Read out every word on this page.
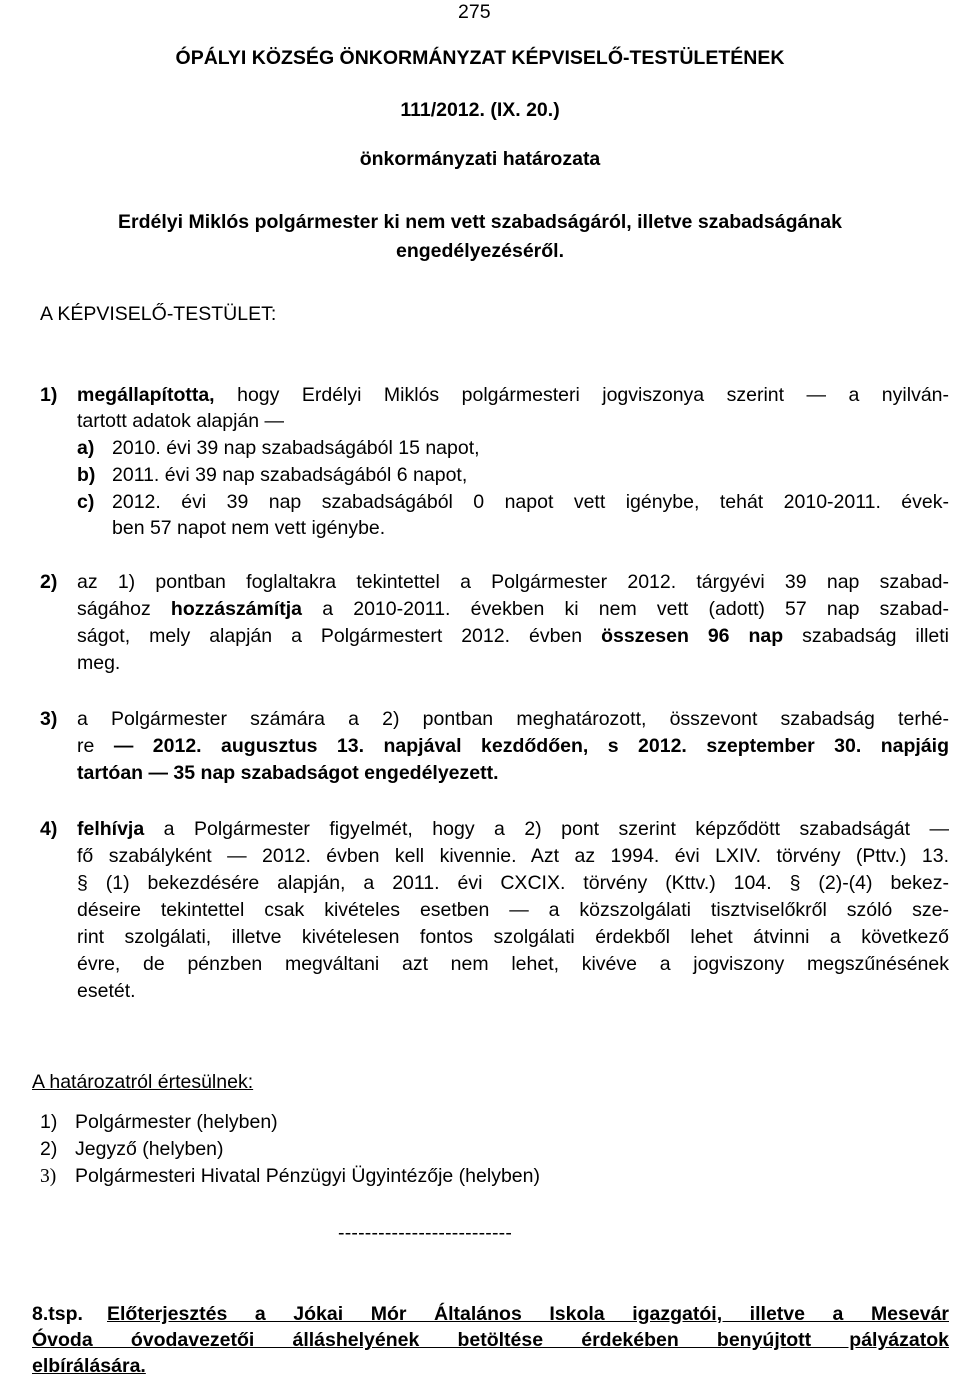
275
ÓPÁLYI KÖZSÉG ÖNKORMÁNYZAT KÉPVISELŐ-TESTÜLETÉNEK
111/2012. (IX. 20.)
önkormányzati határozata
Erdélyi Miklós polgármester ki nem vett szabadságáról, illetve szabadságának
engedélyezéséről.
A KÉPVISELŐ-TESTÜLET:
1) megállapította, hogy Erdélyi Miklós polgármesteri jogviszonya szerint — a nyilván-
tartott adatok alapján —
a) 2010. évi 39 nap szabadságából 15 napot,
b) 2011. évi 39 nap szabadságából 6 napot,
c) 2012. évi 39 nap szabadságából 0 napot vett igénybe, tehát 2010-2011. évek-
ben 57 napot nem vett igénybe.
2) az 1) pontban foglaltakra tekintettel a Polgármester 2012. tárgyévi 39 nap szabad-
ságához hozzászámítja a 2010-2011. években ki nem vett (adott) 57 nap szabad-
ságot, mely alapján a Polgármestert 2012. évben összesen 96 nap szabadság illeti
meg.
3) a Polgármester számára a 2) pontban meghatározott, összevont szabadság terhé-
re — 2012. augusztus 13. napjával kezdődően, s 2012. szeptember 30. napjáig
tartóan — 35 nap szabadságot engedélyezett.
4) felhívja a Polgármester figyelmét, hogy a 2) pont szerint képződött szabadságát —
fő szabályként — 2012. évben kell kivennie. Azt az 1994. évi LXIV. törvény (Pttv.) 13.
§ (1) bekezdésére alapján, a 2011. évi CXCIX. törvény (Kttv.) 104. § (2)-(4) bekez-
déseire tekintettel csak kivételes esetben — a közszolgálati tisztviselőkről szóló sze-
rint szolgálati, illetve kivételesen fontos szolgálati érdekből lehet átvinni a következő
évre, de pénzben megváltani azt nem lehet, kivéve a jogviszony megszűnésének
esetét.
A határozatról értesülnek:
1) Polgármester (helyben)
2) Jegyző (helyben)
3) Polgármesteri Hivatal Pénzügyi Ügyintézője (helyben)
--------------------------
8.tsp. Előterjesztés a Jókai Mór Általános Iskola igazgatói, illetve a Mesevár
Óvoda óvodavezetői álláshelyének betöltése érdekében benyújtott pályázatok
elbírálására.
